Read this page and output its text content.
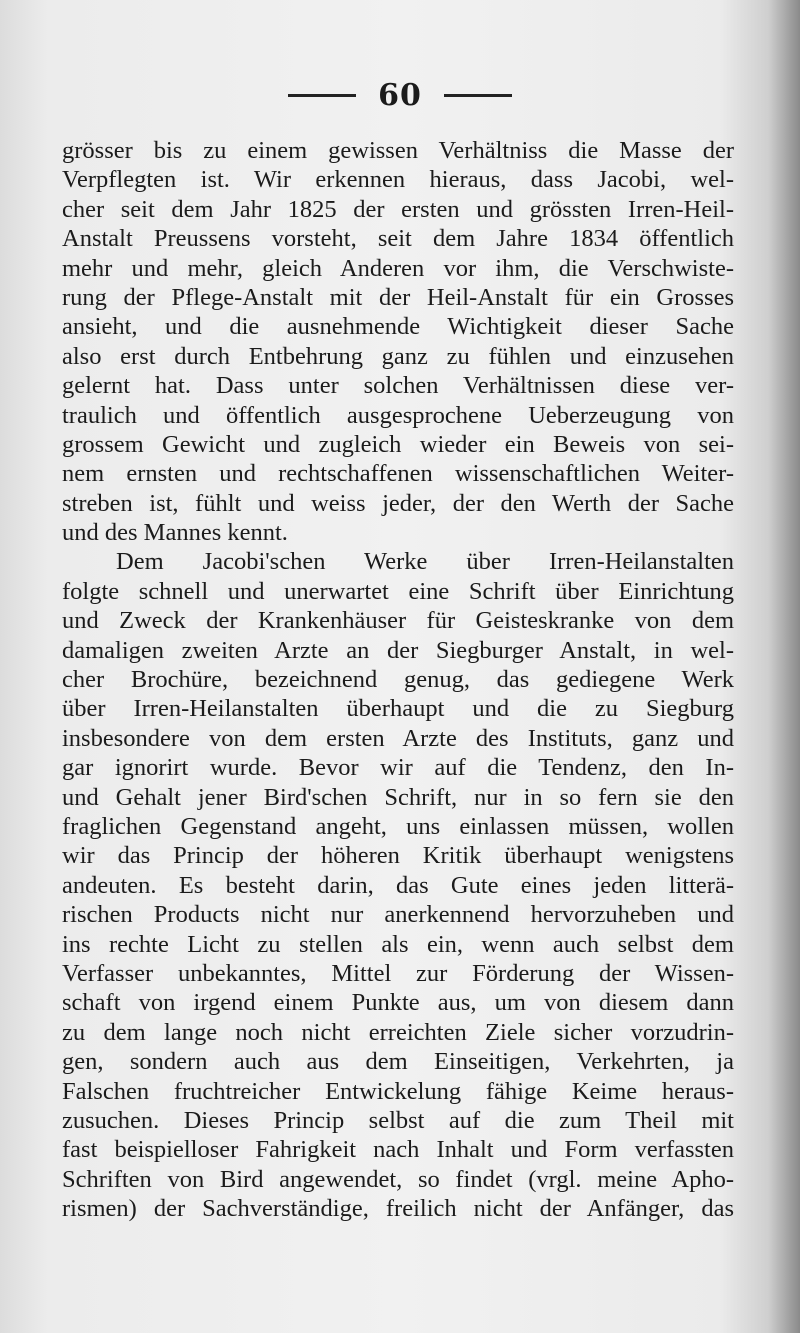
60
grösser bis zu einem gewissen Verhältniss die Masse der
Verpflegten ist. Wir erkennen hieraus, dass Jacobi, wel-
cher seit dem Jahr 1825 der ersten und grössten Irren-Heil-
Anstalt Preussens vorsteht, seit dem Jahre 1834 öffentlich
mehr und mehr, gleich Anderen vor ihm, die Verschwiste-
rung der Pflege-Anstalt mit der Heil-Anstalt für ein Grosses
ansieht, und die ausnehmende Wichtigkeit dieser Sache
also erst durch Entbehrung ganz zu fühlen und einzusehen
gelernt hat. Dass unter solchen Verhältnissen diese ver-
traulich und öffentlich ausgesprochene Ueberzeugung von
grossem Gewicht und zugleich wieder ein Beweis von sei-
nem ernsten und rechtschaffenen wissenschaftlichen Weiter-
streben ist, fühlt und weiss jeder, der den Werth der Sache
und des Mannes kennt.
Dem Jacobi'schen Werke über Irren-Heilanstalten
folgte schnell und unerwartet eine Schrift über Einrichtung
und Zweck der Krankenhäuser für Geisteskranke von dem
damaligen zweiten Arzte an der Siegburger Anstalt, in wel-
cher Brochüre, bezeichnend genug, das gediegene Werk
über Irren-Heilanstalten überhaupt und die zu Siegburg
insbesondere von dem ersten Arzte des Instituts, ganz und
gar ignorirt wurde. Bevor wir auf die Tendenz, den In-
und Gehalt jener Bird'schen Schrift, nur in so fern sie den
fraglichen Gegenstand angeht, uns einlassen müssen, wollen
wir das Princip der höheren Kritik überhaupt wenigstens
andeuten. Es besteht darin, das Gute eines jeden litterä-
rischen Products nicht nur anerkennend hervorzuheben und
ins rechte Licht zu stellen als ein, wenn auch selbst dem
Verfasser unbekanntes, Mittel zur Förderung der Wissen-
schaft von irgend einem Punkte aus, um von diesem dann
zu dem lange noch nicht erreichten Ziele sicher vorzudrin-
gen, sondern auch aus dem Einseitigen, Verkehrten, ja
Falschen fruchtreicher Entwickelung fähige Keime heraus-
zusuchen. Dieses Princip selbst auf die zum Theil mit
fast beispielloser Fahrigkeit nach Inhalt und Form verfassten
Schriften von Bird angewendet, so findet (vrgl. meine Apho-
rismen) der Sachverständige, freilich nicht der Anfänger, das
